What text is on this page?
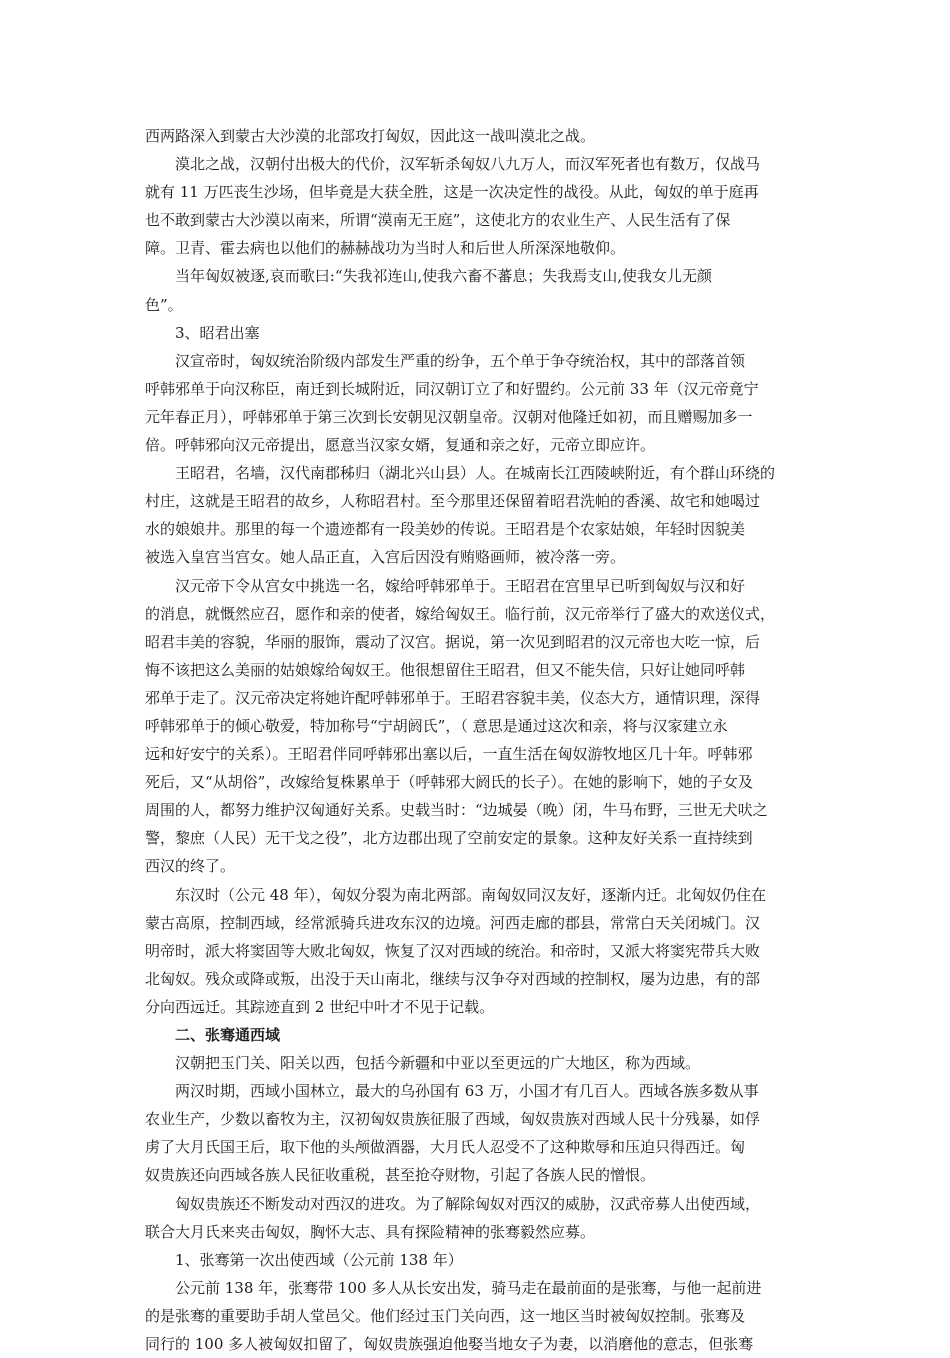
西两路深入到蒙古大沙漠的北部攻打匈奴，因此这一战叫漠北之战。

　　漠北之战，汉朝付出极大的代价，汉军斩杀匈奴八九万人，而汉军死者也有数万，仅战马
就有 11 万匹丧生沙场，但毕竟是大获全胜，这是一次决定性的战役。从此，匈奴的单于庭再
也不敢到蒙古大沙漠以南来，所谓“漠南无王庭”，这使北方的农业生产、人民生活有了保
障。卫青、霍去病也以他们的赫赫战功为当时人和后世人所深深地敬仰。

　　当年匈奴被逐,哀而歌曰:“失我祁连山,使我六畜不蕃息；失我焉支山,使我女儿无颜
色”。

　　3、昭君出塞

　　汉宣帝时，匈奴统治阶级内部发生严重的纷争，五个单于争夺统治权，其中的部落首领
呼韩邪单于向汉称臣，南迁到长城附近，同汉朝订立了和好盟约。公元前 33 年（汉元帝竟宁
元年春正月），呼韩邪单于第三次到长安朝见汉朝皇帝。汉朝对他隆迁如初，而且赠赐加多一
倍。呼韩邪向汉元帝提出，愿意当汉家女婿，复通和亲之好，元帝立即应许。

　　王昭君，名墙，汉代南郡秭归（湖北兴山县）人。在城南长江西陵峡附近，有个群山环绕的
村庄，这就是王昭君的故乡，人称昭君村。至今那里还保留着昭君洗帕的香溪、故宅和她喝过
水的娘娘井。那里的每一个遗迹都有一段美妙的传说。王昭君是个农家姑娘，年轻时因貌美
被选入皇宫当宫女。她人品正直，入宫后因没有贿赂画师，被冷落一旁。

　　汉元帝下令从宫女中挑选一名，嫁给呼韩邪单于。王昭君在宫里早已听到匈奴与汉和好
的消息，就慨然应召，愿作和亲的使者，嫁给匈奴王。临行前，汉元帝举行了盛大的欢送仪式，
昭君丰美的容貌，华丽的服饰，震动了汉宫。据说，第一次见到昭君的汉元帝也大吃一惊，后
悔不该把这么美丽的姑娘嫁给匈奴王。他很想留住王昭君，但又不能失信，只好让她同呼韩
邪单于走了。汉元帝决定将她许配呼韩邪单于。王昭君容貌丰美，仪态大方，通情识理，深得
呼韩邪单于的倾心敬爱，特加称号“宁胡阏氏”，（ 意思是通过这次和亲，将与汉家建立永
远和好安宁的关系）。王昭君伴同呼韩邪出塞以后，一直生活在匈奴游牧地区几十年。呼韩邪
死后，又“从胡俗”，改嫁给复株累单于（呼韩邪大阏氏的长子）。在她的影响下，她的子女及
周围的人，都努力维护汉匈通好关系。史载当时：“边城晏（晚）闭，牛马布野，三世无犬吠之
警，黎庶（人民）无干戈之役”，北方边郡出现了空前安定的景象。这种友好关系一直持续到
西汉的终了。

　　东汉时（公元 48 年），匈奴分裂为南北两部。南匈奴同汉友好，逐渐内迁。北匈奴仍住在
蒙古高原，控制西域，经常派骑兵进攻东汉的边境。河西走廊的郡县，常常白天关闭城门。汉
明帝时，派大将窦固等大败北匈奴，恢复了汉对西域的统治。和帝时，又派大将窦宪带兵大败
北匈奴。残众或降或叛，出没于天山南北，继续与汉争夺对西域的控制权，屡为边患，有的部
分向西远迁。其踪迹直到 2 世纪中叶才不见于记载。

　　二、张骞通西域

　　汉朝把玉门关、阳关以西，包括今新疆和中亚以至更远的广大地区，称为西域。

　　两汉时期，西域小国林立，最大的乌孙国有 63 万，小国才有几百人。西域各族多数从事
农业生产，少数以畜牧为主，汉初匈奴贵族征服了西域，匈奴贵族对西域人民十分残暴，如俘
虏了大月氏国王后，取下他的头颅做酒器，大月氏人忍受不了这种欺辱和压迫只得西迁。匈
奴贵族还向西域各族人民征收重税，甚至抢夺财物，引起了各族人民的憎恨。

　　匈奴贵族还不断发动对西汉的进攻。为了解除匈奴对西汉的威胁，汉武帝募人出使西域，
联合大月氏来夹击匈奴，胸怀大志、具有探险精神的张骞毅然应募。

　　1、张骞第一次出使西域（公元前 138 年）

　　公元前 138 年，张骞带 100 多人从长安出发，骑马走在最前面的是张骞，与他一起前进
的是张骞的重要助手胡人堂邑父。他们经过玉门关向西，这一地区当时被匈奴控制。张骞及
同行的 100 多人被匈奴扣留了，匈奴贵族强迫他娶当地女子为妻，以消磨他的意志，但张骞
